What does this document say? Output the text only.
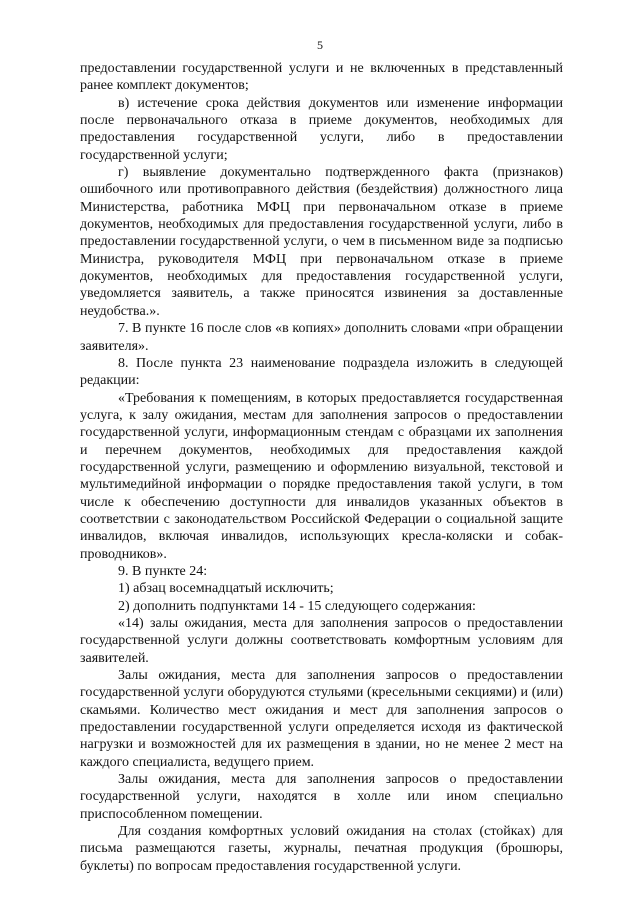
5

предоставлении государственной услуги и не включенных в представленный ранее комплект документов;

в) истечение срока действия документов или изменение информации после первоначального отказа в приеме документов, необходимых для предоставления государственной услуги, либо в предоставлении государственной услуги;

г) выявление документально подтвержденного факта (признаков) ошибочного или противоправного действия (бездействия) должностного лица Министерства, работника МФЦ при первоначальном отказе в приеме документов, необходимых для предоставления государственной услуги, либо в предоставлении государственной услуги, о чем в письменном виде за подписью Министра, руководителя МФЦ при первоначальном отказе в приеме документов, необходимых для предоставления государственной услуги, уведомляется заявитель, а также приносятся извинения за доставленные неудобства.».

7. В пункте 16 после слов «в копиях» дополнить словами «при обращении заявителя».

8. После пункта 23 наименование подраздела изложить в следующей редакции:

«Требования к помещениям, в которых предоставляется государственная услуга, к залу ожидания, местам для заполнения запросов о предоставлении государственной услуги, информационным стендам с образцами их заполнения и перечнем документов, необходимых для предоставления каждой государственной услуги, размещению и оформлению визуальной, текстовой и мультимедийной информации о порядке предоставления такой услуги, в том числе к обеспечению доступности для инвалидов указанных объектов в соответствии с законодательством Российской Федерации о социальной защите инвалидов, включая инвалидов, использующих кресла-коляски и собак-проводников».

9. В пункте 24:

1) абзац восемнадцатый исключить;

2) дополнить подпунктами 14 - 15 следующего содержания:

«14) залы ожидания, места для заполнения запросов о предоставлении государственной услуги должны соответствовать комфортным условиям для заявителей.

Залы ожидания, места для заполнения запросов о предоставлении государственной услуги оборудуются стульями (кресельными секциями) и (или) скамьями. Количество мест ожидания и мест для заполнения запросов о предоставлении государственной услуги определяется исходя из фактической нагрузки и возможностей для их размещения в здании, но не менее 2 мест на каждого специалиста, ведущего прием.

Залы ожидания, места для заполнения запросов о предоставлении государственной услуги, находятся в холле или ином специально приспособленном помещении.

Для создания комфортных условий ожидания на столах (стойках) для письма размещаются газеты, журналы, печатная продукция (брошюры, буклеты) по вопросам предоставления государственной услуги.
